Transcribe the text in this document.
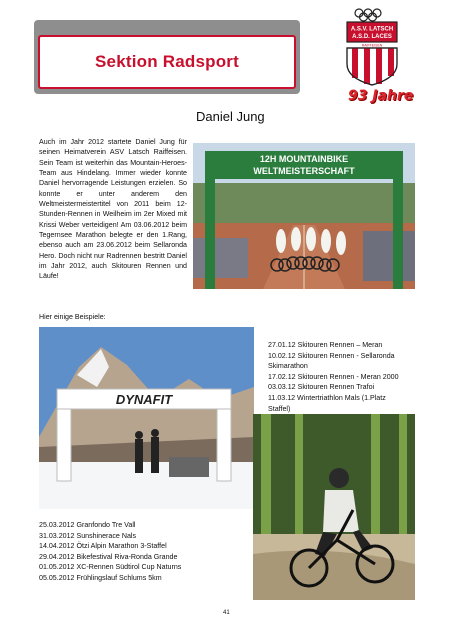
Sektion Radsport
A.S.V. LATSCH
A.S.D. LACES
RAIFFEISEN
93 Jahre
Daniel Jung
Auch im Jahr 2012 startete Daniel Jung für seinen Heimatverein ASV Latsch Raiffeisen. Sein Team ist weiterhin das Mountain-Heroes-Team aus Hindelang. Immer wieder konnte Daniel hervorragende Leistungen erzielen. So konnte er unter anderem den Weltmeistermeistertitel von 2011 beim 12-Stunden-Rennen in Weilheim im 2er Mixed mit Krissi Weber verteidigen! Am 03.06.2012 beim Tegernsee Marathon belegte er den 1.Rang, ebenso auch am 23.06.2012 beim Sellaronda Hero. Doch nicht nur Radrennen bestritt Daniel im Jahr 2012, auch Skitouren Rennen und Läufe!
Hier einige Beispiele:
12H MOUNTAINBIKE
WELTMEISTERSCHAFT
DYNAFIT
27.01.12 Skitouren Rennen – Meran
10.02.12 Skitouren Rennen - Sellaronda
Skimarathon
17.02.12 Skitouren Rennen - Meran 2000
03.03.12 Skitouren Rennen Trafoi
11.03.12 Wintertriathlon Mals (1.Platz
Staffel)
25.03.2012 Granfondo Tre Vall
31.03.2012 Sunshinerace Nals
14.04.2012 Ötzi Alpin Marathon 3-Staffel
29.04.2012 Bikefestival Riva-Ronda Grande
01.05.2012 XC-Rennen Südtirol Cup Naturns
05.05.2012 Frühlingslauf Schlums 5km
41
